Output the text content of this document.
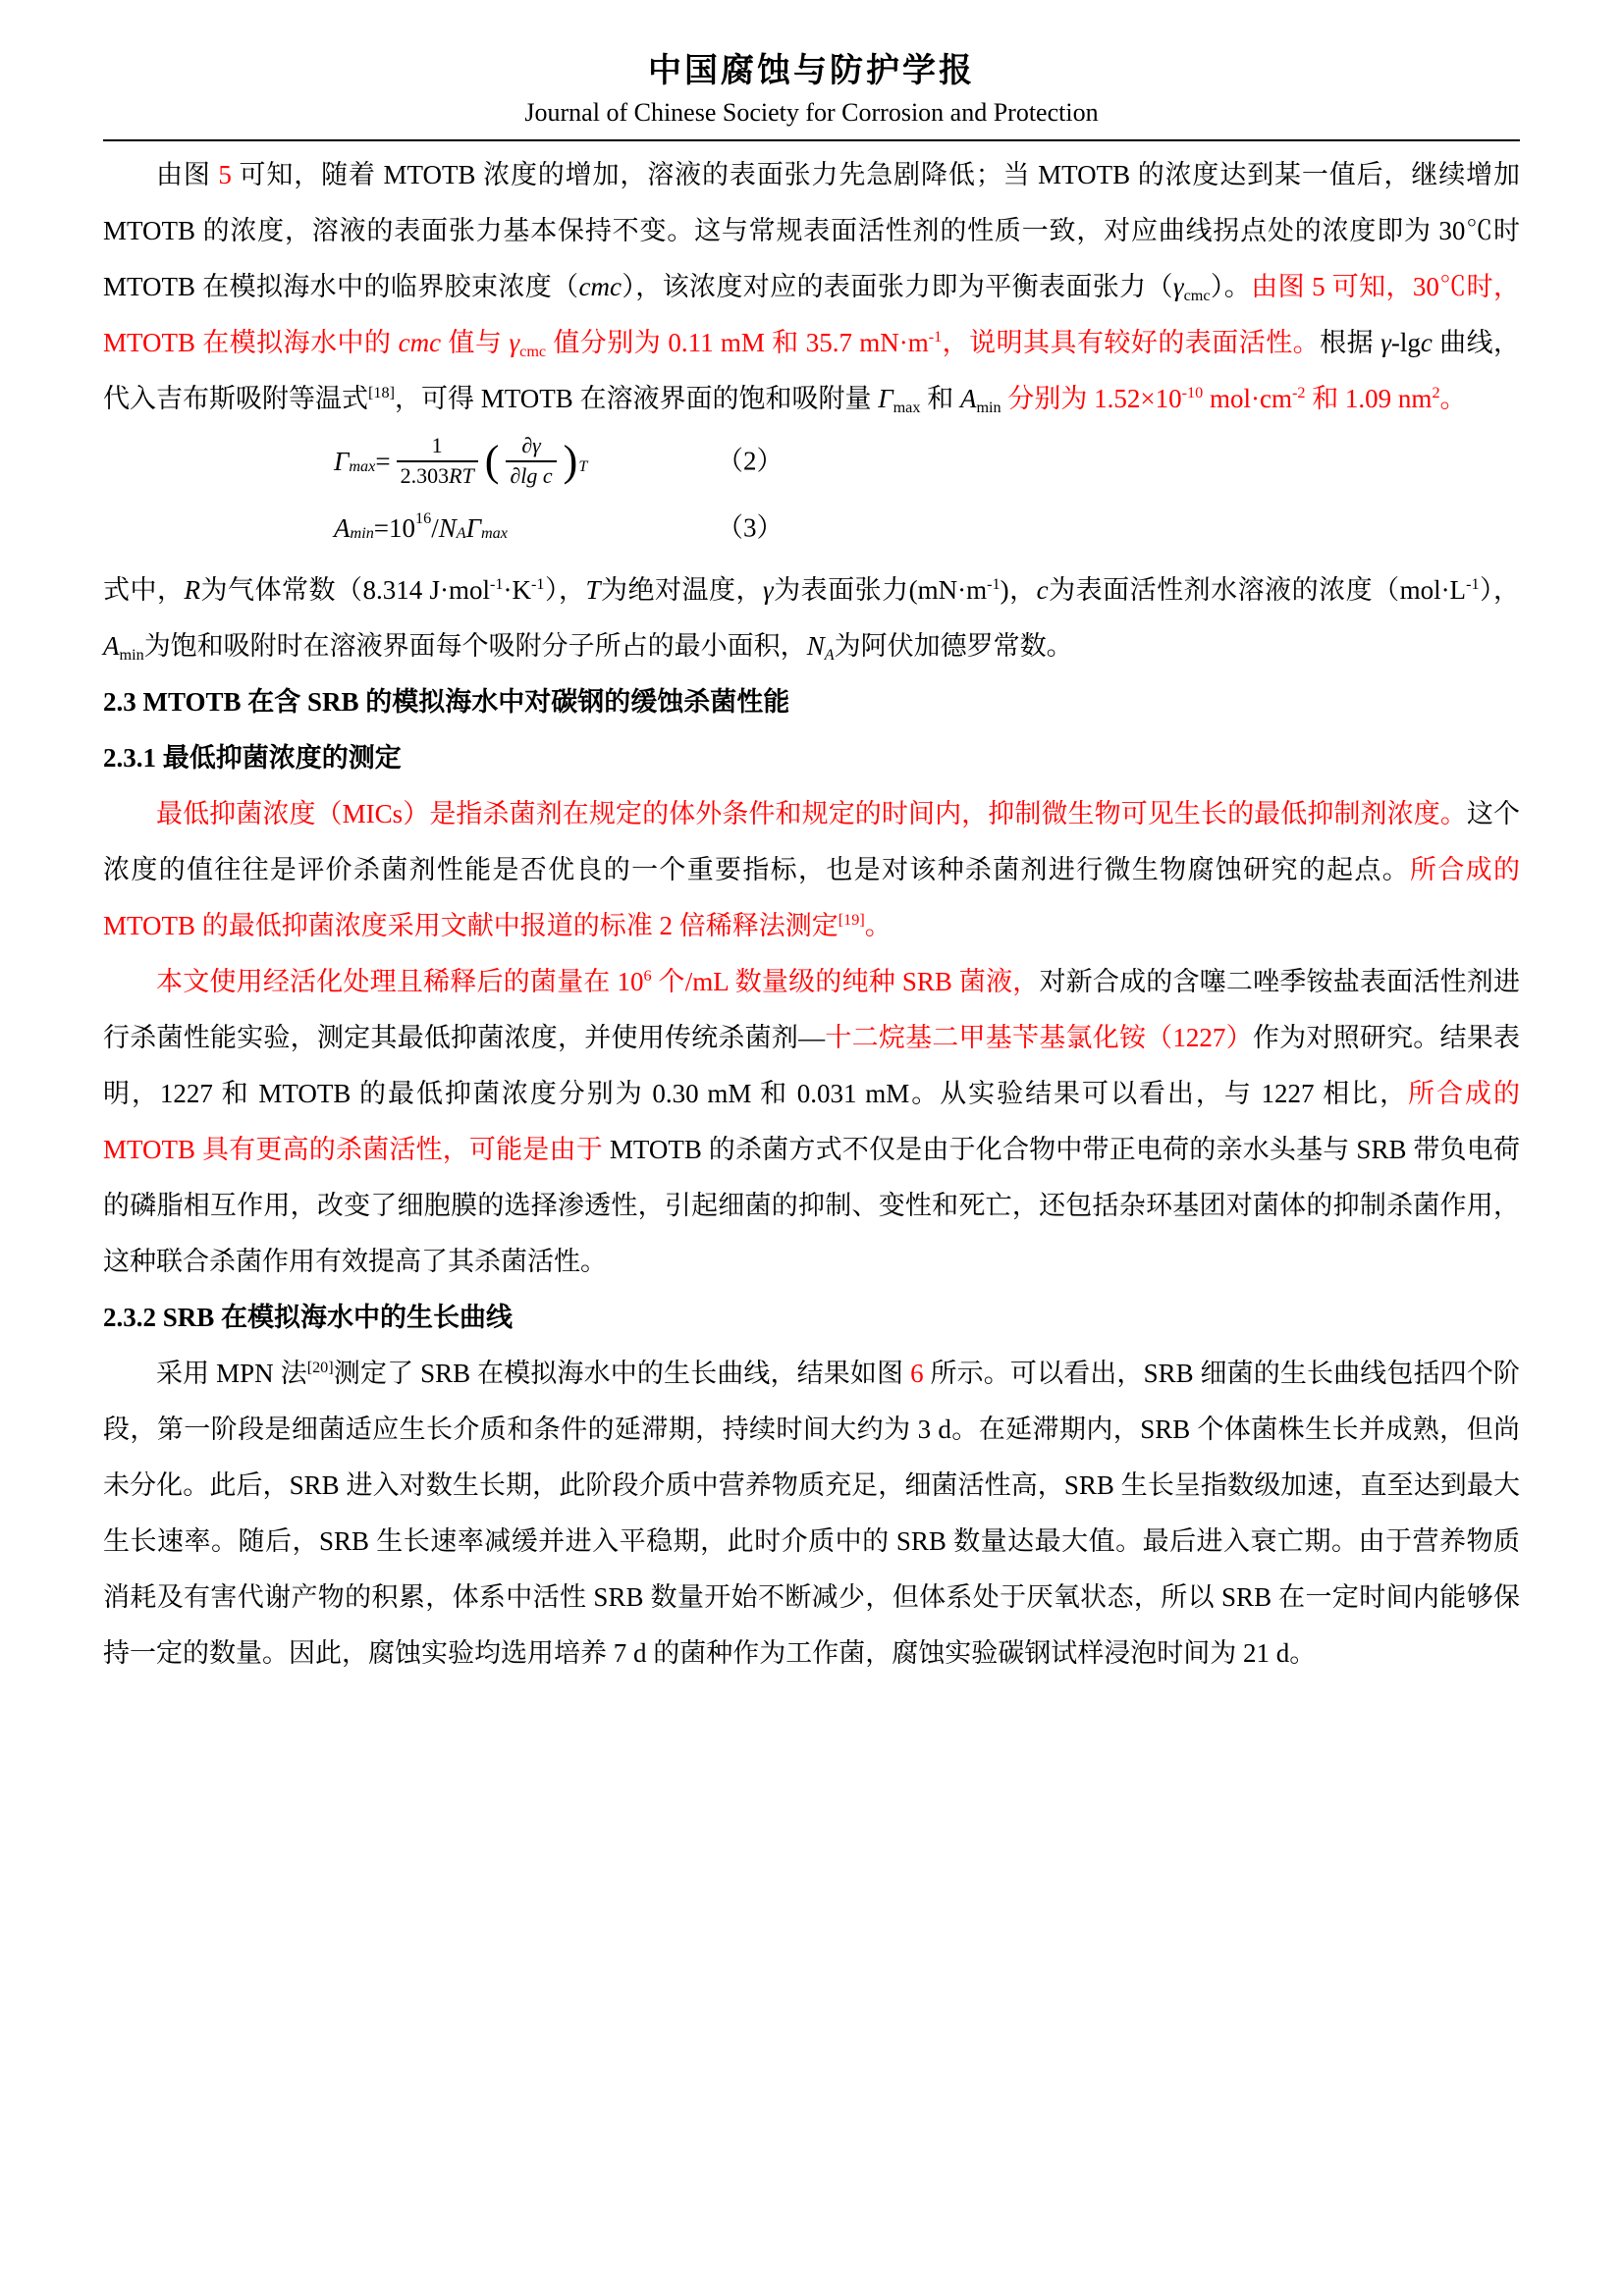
中国腐蚀与防护学报
Journal of Chinese Society for Corrosion and Protection

由图 5 可知，随着 MTOTB 浓度的增加，溶液的表面张力先急剧降低；当 MTOTB 的浓度达到某一值后，继续增加 MTOTB 的浓度，溶液的表面张力基本保持不变。这与常规表面活性剂的性质一致，对应曲线拐点处的浓度即为 30℃时 MTOTB 在模拟海水中的临界胶束浓度（cmc），该浓度对应的表面张力即为平衡表面张力（γcmc）。由图 5 可知，30℃时，MTOTB 在模拟海水中的 cmc 值与 γcmc 值分别为 0.11 mM 和 35.7 $mN\cdot m^{-1}$，说明其具有较好的表面活性。根据 γ-lgc 曲线，代入吉布斯吸附等温式[18]，可得 MTOTB 在溶液界面的饱和吸附量 Γmax 和 Amin 分别为 $1.52\times 10^{-10}$ $mol\cdot cm^{-2}$ 和 1.09 $nm^2$。

Γ $\max = \frac{1}{2.303RT}$ ( $\frac{\partial\gamma}{\text{∂lg c}}$ ) T	（2）
A min =10 16 / N A Γ max	（3）

式中，R为气体常数（8.314 $J\cdot mol^{-1}\cdot K^{-1}$），T为绝对温度，γ为表面张力$(mN\cdot m^{-1})$，c为表面活性剂水溶液的浓度$(mol\cdot L^{-1})$，Amin为饱和吸附时在溶液界面每个吸附分子所占的最小面积，NA为阿伏加德罗常数。

2.3 MTOTB 在含 SRB 的模拟海水中对碳钢的缓蚀杀菌性能
2.3.1 最低抑菌浓度的测定

最低抑菌浓度（MICs）是指杀菌剂在规定的体外条件和规定的时间内，抑制微生物可见生长的最低抑制剂浓度。这个浓度的值往往是评价杀菌剂性能是否优良的一个重要指标，也是对该种杀菌剂进行微生物腐蚀研究的起点。所合成的 MTOTB 的最低抑菌浓度采用文献中报道的标准 2 倍稀释法测定[19]。

本文使用经活化处理且稀释后的菌量在 $10^6$ 个/mL 数量级的纯种 SRB 菌液，对新合成的含噻二唑季铵盐表面活性剂进行杀菌性能实验，测定其最低抑菌浓度，并使用传统杀菌剂—十二烷基二甲基苄基氯化铵（1227）作为对照研究。结果表明，1227 和 MTOTB 的最低抑菌浓度分别为 0.30 mM 和 0.031 mM。从实验结果可以看出，与 1227 相比，所合成的 MTOTB 具有更高的杀菌活性，可能是由于 MTOTB 的杀菌方式不仅是由于化合物中带正电荷的亲水头基与 SRB 带负电荷的磷脂相互作用，改变了细胞膜的选择渗透性，引起细菌的抑制、变性和死亡，还包括杂环基团对菌体的抑制杀菌作用，这种联合杀菌作用有效提高了其杀菌活性。

2.3.2 SRB 在模拟海水中的生长曲线

采用 MPN 法[20]测定了 SRB 在模拟海水中的生长曲线，结果如图 6 所示。可以看出，SRB 细菌的生长曲线包括四个阶段，第一阶段是细菌适应生长介质和条件的延滞期，持续时间大约为 3 d。在延滞期内，SRB 个体菌株生长并成熟，但尚未分化。此后，SRB 进入对数生长期，此阶段介质中营养物质充足，细菌活性高，SRB 生长呈指数级加速，直至达到最大生长速率。随后，SRB 生长速率减缓并进入平稳期，此时介质中的 SRB 数量达最大值。最后进入衰亡期。由于营养物质消耗及有害代谢产物的积累，体系中活性 SRB 数量开始不断减少，但体系处于厌氧状态，所以 SRB 在一定时间内能够保持一定的数量。因此，腐蚀实验均选用培养 7 d 的菌种作为工作菌，腐蚀实验碳钢试样浸泡时间为 21 d。
